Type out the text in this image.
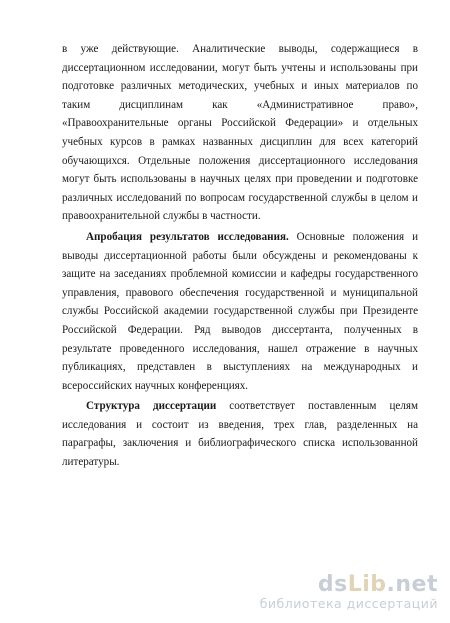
в уже действующие. Аналитические выводы, содержащиеся в диссертационном исследовании, могут быть учтены и использованы при подготовке различных методических, учебных и иных материалов по таким дисциплинам как «Административное право», «Правоохранительные органы Российской Федерации» и отдельных учебных курсов в рамках названных дисциплин для всех категорий обучающихся. Отдельные положения диссертационного исследования могут быть использованы в научных целях при проведении и подготовке различных исследований по вопросам государственной службы в целом и правоохранительной службы в частности.

Апробация результатов исследования. Основные положения и выводы диссертационной работы были обсуждены и рекомендованы к защите на заседаниях проблемной комиссии и кафедры государственного управления, правового обеспечения государственной и муниципальной службы Российской академии государственной службы при Президенте Российской Федерации. Ряд выводов диссертанта, полученных в результате проведенного исследования, нашел отражение в научных публикациях, представлен в выступлениях на международных и всероссийских научных конференциях.

Структура диссертации соответствует поставленным целям исследования и состоит из введения, трех глав, разделенных на параграфы, заключения и библиографического списка использованной литературы.

dsLib.net
библиотека диссертаций
